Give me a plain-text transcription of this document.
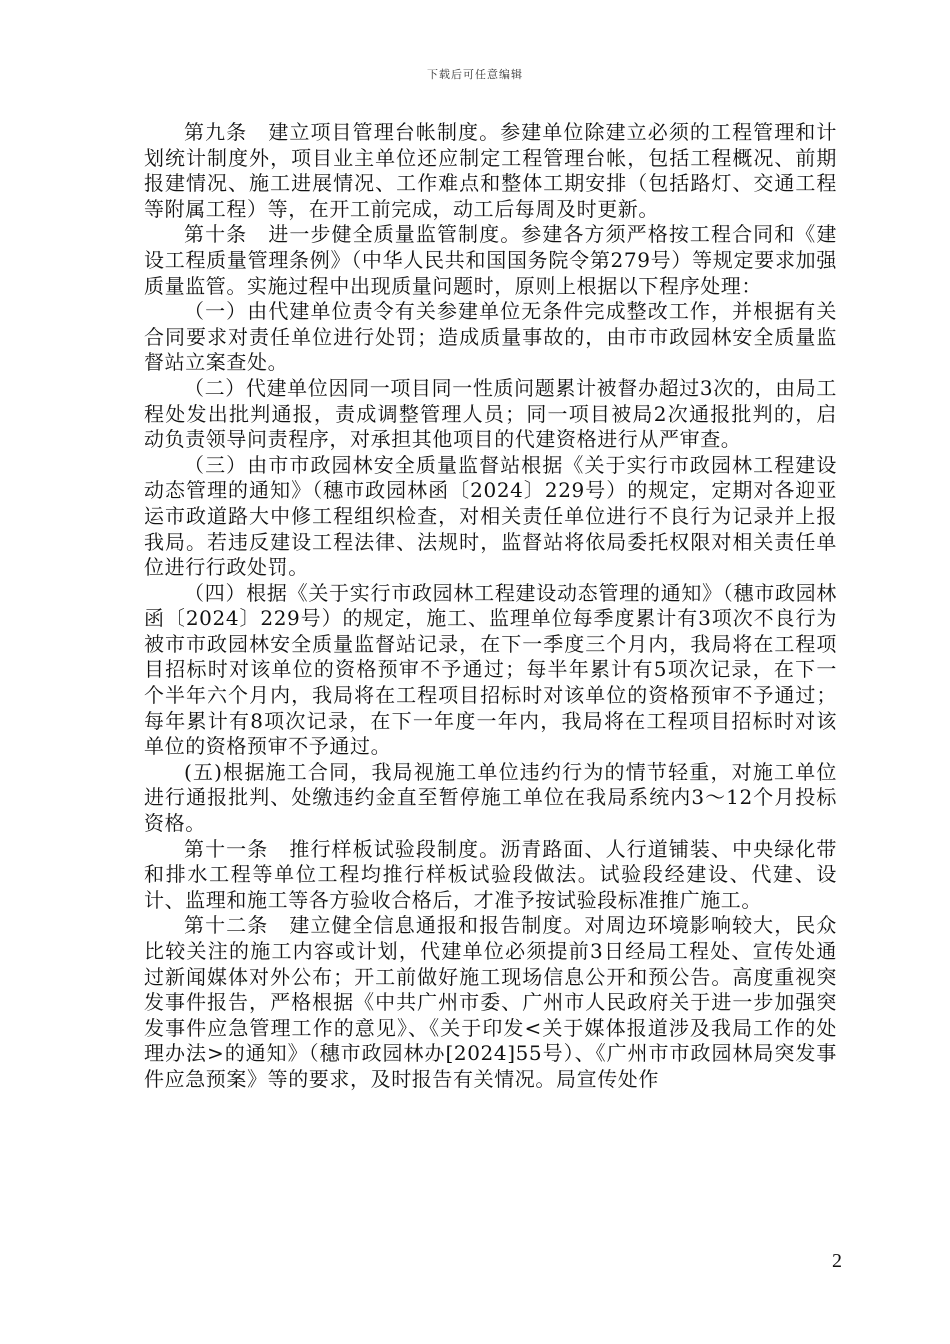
下载后可任意编辑

第九条　建立项目管理台帐制度。参建单位除建立必须的工程管理和计划统计制度外，项目业主单位还应制定工程管理台帐，包括工程概况、前期报建情况、施工进展情况、工作难点和整体工期安排（包括路灯、交通工程等附属工程）等，在开工前完成，动工后每周及时更新。

第十条　进一步健全质量监管制度。参建各方须严格按工程合同和《建设工程质量管理条例》（中华人民共和国国务院令第279号）等规定要求加强质量监管。实施过程中出现质量问题时，原则上根据以下程序处理：

（一）由代建单位责令有关参建单位无条件完成整改工作，并根据有关合同要求对责任单位进行处罚；造成质量事故的，由市市政园林安全质量监督站立案查处。

（二）代建单位因同一项目同一性质问题累计被督办超过3次的，由局工程处发出批判通报，责成调整管理人员；同一项目被局2次通报批判的，启动负责领导问责程序，对承担其他项目的代建资格进行从严审查。

（三）由市市政园林安全质量监督站根据《关于实行市政园林工程建设动态管理的通知》（穗市政园林函〔2024〕229号）的规定，定期对各迎亚运市政道路大中修工程组织检查，对相关责任单位进行不良行为记录并上报我局。若违反建设工程法律、法规时，监督站将依局委托权限对相关责任单位进行行政处罚。

（四）根据《关于实行市政园林工程建设动态管理的通知》（穗市政园林函〔2024〕229号）的规定，施工、监理单位每季度累计有3项次不良行为被市市政园林安全质量监督站记录，在下一季度三个月内，我局将在工程项目招标时对该单位的资格预审不予通过；每半年累计有5项次记录，在下一个半年六个月内，我局将在工程项目招标时对该单位的资格预审不予通过；每年累计有8项次记录，在下一年度一年内，我局将在工程项目招标时对该单位的资格预审不予通过。

(五)根据施工合同，我局视施工单位违约行为的情节轻重，对施工单位进行通报批判、处缴违约金直至暂停施工单位在我局系统内3～12个月投标资格。

第十一条　推行样板试验段制度。沥青路面、人行道铺装、中央绿化带和排水工程等单位工程均推行样板试验段做法。试验段经建设、代建、设计、监理和施工等各方验收合格后，才准予按试验段标准推广施工。

第十二条　建立健全信息通报和报告制度。对周边环境影响较大，民众比较关注的施工内容或计划，代建单位必须提前3日经局工程处、宣传处通过新闻媒体对外公布；开工前做好施工现场信息公开和预公告。高度重视突发事件报告，严格根据《中共广州市委、广州市人民政府关于进一步加强突发事件应急管理工作的意见》、《关于印发<关于媒体报道涉及我局工作的处理办法>的通知》（穗市政园林办[2024]55号）、《广州市市政园林局突发事件应急预案》等的要求，及时报告有关情况。局宣传处作

2
